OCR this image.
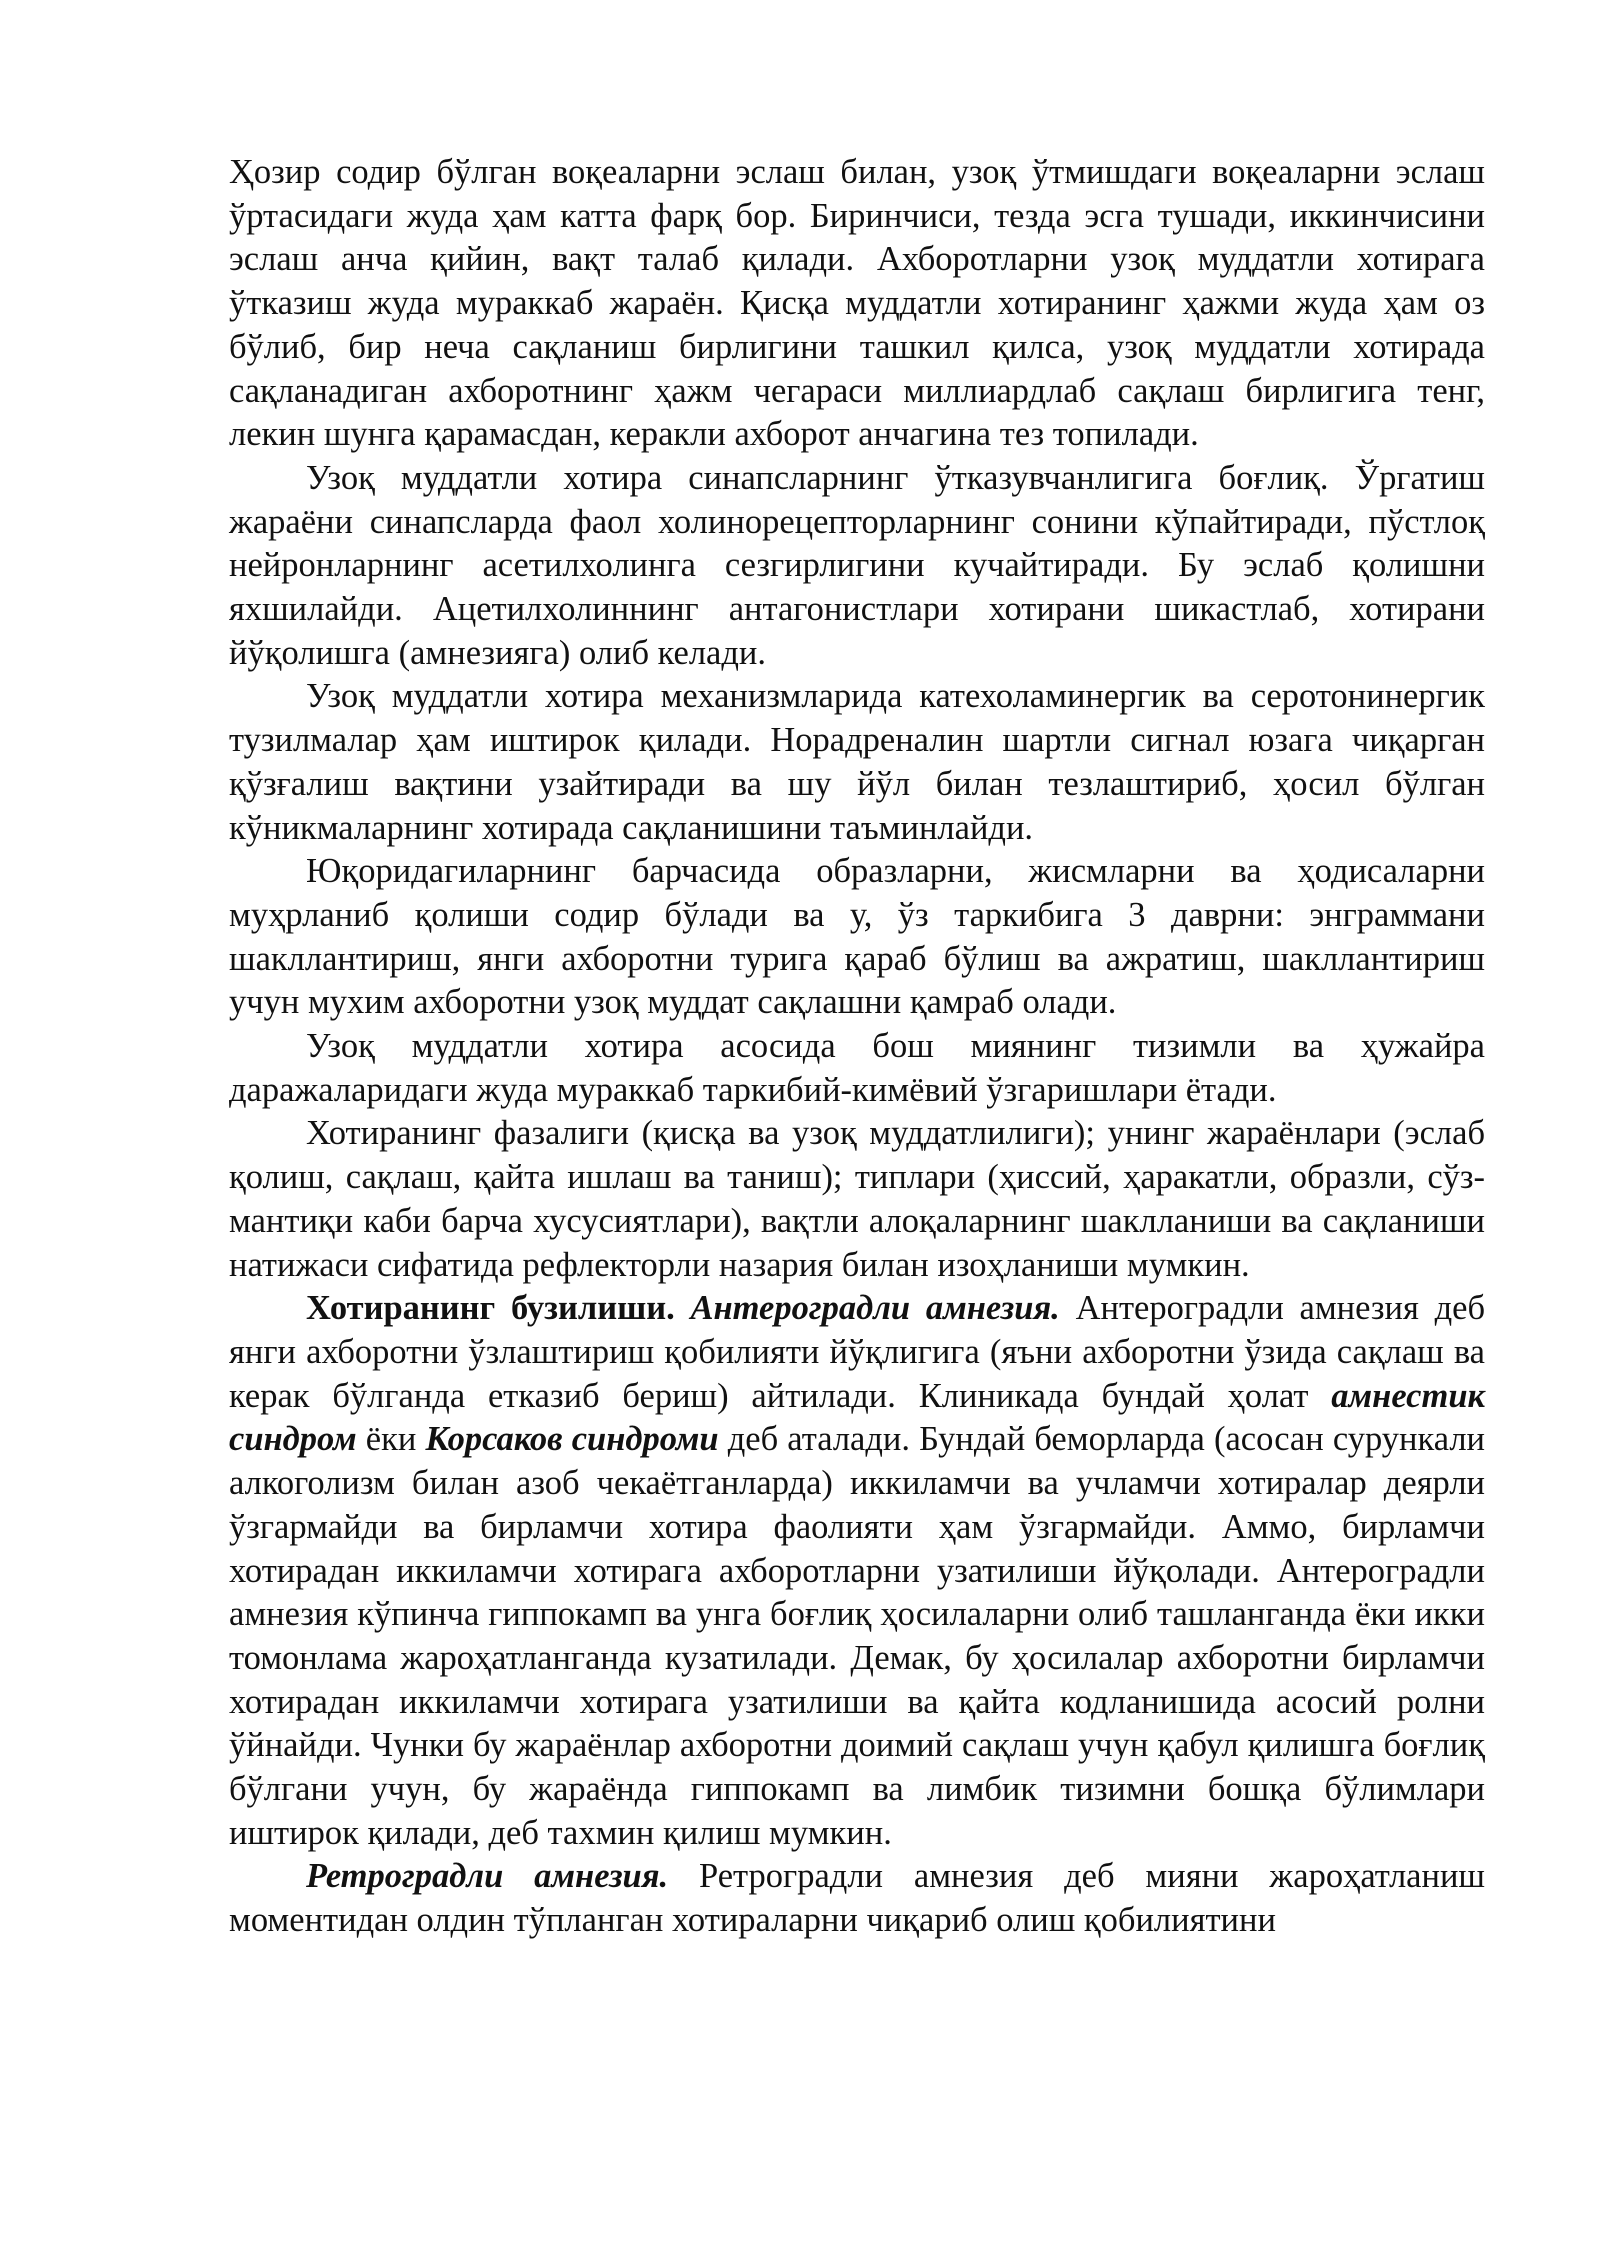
Ҳозир содир бўлган воқеаларни эслаш билан, узоқ ўтмишдаги воқеаларни эслаш ўртасидаги жуда ҳам катта фарқ бор. Биринчиси, тезда эсга тушади, иккинчисини эслаш анча қийин, вақт талаб қилади. Ахборотларни узоқ муддатли хотирага ўтказиш жуда мураккаб жараён. Қисқа муддатли хотиранинг ҳажми жуда ҳам оз бўлиб, бир неча сақланиш бирлигини ташкил қилса, узоқ муддатли хотирада сақланадиган ахборотнинг ҳажм чегараси миллиардлаб сақлаш бирлигига тенг, лекин шунга қарамасдан, керакли ахборот анчагина тез топилади.

Узоқ муддатли хотира синапсларнинг ўтказувчанлигига боғлиқ. Ўргатиш жараёни синапсларда фаол холинорецепторларнинг сонини кўпайтиради, пўстлоқ нейронларнинг асетилхолинга сезгирлигини кучайтиради. Бу эслаб қолишни яхшилайди. Ацетилхолиннинг антагонистлари хотирани шикастлаб, хотирани йўқолишга (амнезияга) олиб келади.

Узоқ муддатли хотира механизмларида катехоламинергик ва серотонинергик тузилмалар ҳам иштирок қилади. Норадреналин шартли сигнал юзага чиқарган қўзғалиш вақтини узайтиради ва шу йўл билан тезлаштириб, ҳосил бўлган кўникмаларнинг хотирада сақланишини таъминлайди.

Юқоридагиларнинг барчасида образларни, жисмларни ва ҳодисаларни муҳрланиб қолиши содир бўлади ва у, ўз таркибига 3 даврни: энграммани шакллантириш, янги ахборотни турига қараб бўлиш ва ажратиш, шакллантириш учун мухим ахборотни узоқ муддат сақлашни қамраб олади.

Узоқ муддатли хотира асосида бош миянинг тизимли ва ҳужайра даражаларидаги жуда мураккаб таркибий-кимёвий ўзгаришлари ётади.

Хотиранинг фазалиги (қисқа ва узоқ муддатлилиги); унинг жараёнлари (эслаб қолиш, сақлаш, қайта ишлаш ва таниш); типлари (ҳиссий, ҳаракатли, образли, сўз-мантиқи каби барча хусусиятлари), вақтли алоқаларнинг шаклланиши ва сақланиши натижаси сифатида рефлекторли назария билан изоҳланиши мумкин.

Хотиранинг бузилиши. Антероградли амнезия. Антероградли амнезия деб янги ахборотни ўзлаштириш қобилияти йўқлигига (яъни ахборотни ўзида сақлаш ва керак бўлганда етказиб бериш) айтилади. Клиникада бундай ҳолат амнестик синдром ёки Корсаков синдроми деб аталади. Бундай беморларда (асосан сурункали алкоголизм билан азоб чекаётганларда) иккиламчи ва учламчи хотиралар деярли ўзгармайди ва бирламчи хотира фаолияти ҳам ўзгармайди. Аммо, бирламчи хотирадан иккиламчи хотирага ахборотларни узатилиши йўқолади. Антероградли амнезия кўпинча гиппокамп ва унга боғлиқ ҳосилаларни олиб ташланганда ёки икки томонлама жароҳатланганда кузатилади. Демак, бу ҳосилалар ахборотни бирламчи хотирадан иккиламчи хотирага узатилиши ва қайта кодланишида асосий ролни ўйнайди. Чунки бу жараёнлар ахборотни доимий сақлаш учун қабул қилишга боғлиқ бўлгани учун, бу жараёнда гиппокамп ва лимбик тизимни бошқа бўлимлари иштирок қилади, деб тахмин қилиш мумкин.

Ретроградли амнезия. Ретроградли амнезия деб мияни жароҳатланиш моментидан олдин тўпланган хотираларни чиқариб олиш қобилиятини
